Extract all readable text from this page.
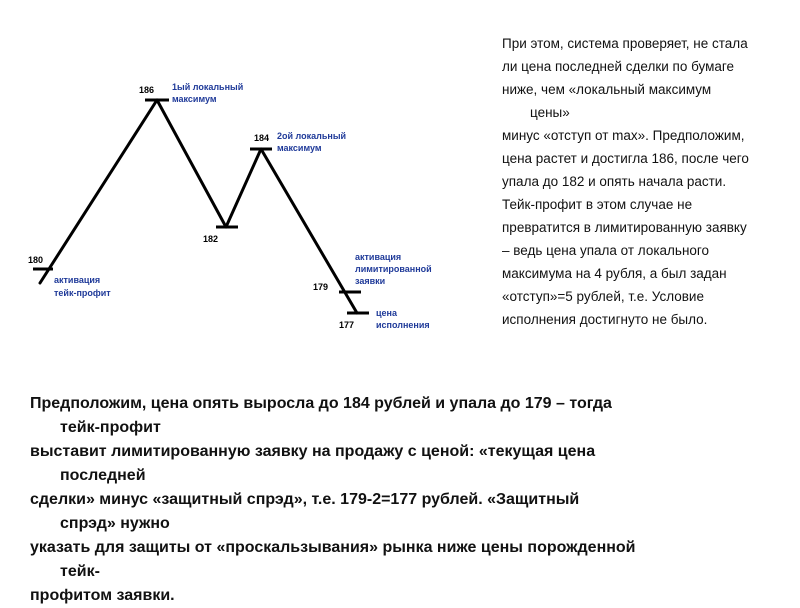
180
186
182
184
179
177
1ый локальный максимум
2ой локальный максимум
активация тейк-профит
активация лимитированной заявки
цена исполнения
При этом, система проверяет, не стала
ли цена последней сделки по бумаге
ниже, чем «локальный максимум
цены»
минус «отступ от max». Предположим,
цена растет и достигла 186, после чего
упала до 182 и опять начала расти.
Тейк-профит в этом случае не
превратится в лимитированную заявку
– ведь цена упала от локального
максимума на 4 рубля, а был задан
«отступ»=5 рублей, т.е. Условие
исполнения достигнуто не было.
Предположим, цена опять выросла до 184 рублей и упала до 179 – тогда
тейк-профит
выставит лимитированную заявку на продажу с ценой: «текущая цена
последней
сделки» минус «защитный спрэд», т.е. 179-2=177 рублей. «Защитный
спрэд» нужно
указать для защиты от «проскальзывания» рынка ниже цены порожденной
тейк-
профитом заявки.
